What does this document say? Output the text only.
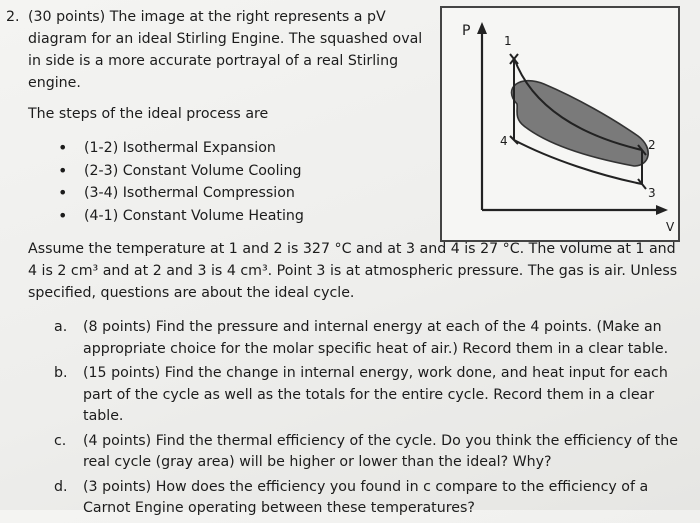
2. (30 points) The image at the right represents a pV diagram for an ideal Stirling Engine. The squashed oval in side is a more accurate portrayal of a real Stirling engine.
The steps of the ideal process are
• (1-2) Isothermal Expansion
• (2-3) Constant Volume Cooling
• (3-4) Isothermal Compression
• (4-1) Constant Volume Heating
P
V
1
2
3
4
Assume the temperature at 1 and 2 is 327 °C and at 3 and 4 is 27 °C. The volume at 1 and 4 is 2 cm³ and at 2 and 3 is 4 cm³. Point 3 is at atmospheric pressure. The gas is air. Unless specified, questions are about the ideal cycle.
a. (8 points) Find the pressure and internal energy at each of the 4 points. (Make an appropriate choice for the molar specific heat of air.) Record them in a clear table.
b. (15 points) Find the change in internal energy, work done, and heat input for each part of the cycle as well as the totals for the entire cycle. Record them in a clear table.
c. (4 points) Find the thermal efficiency of the cycle. Do you think the efficiency of the real cycle (gray area) will be higher or lower than the ideal? Why?
d. (3 points) How does the efficiency you found in c compare to the efficiency of a Carnot Engine operating between these temperatures?
